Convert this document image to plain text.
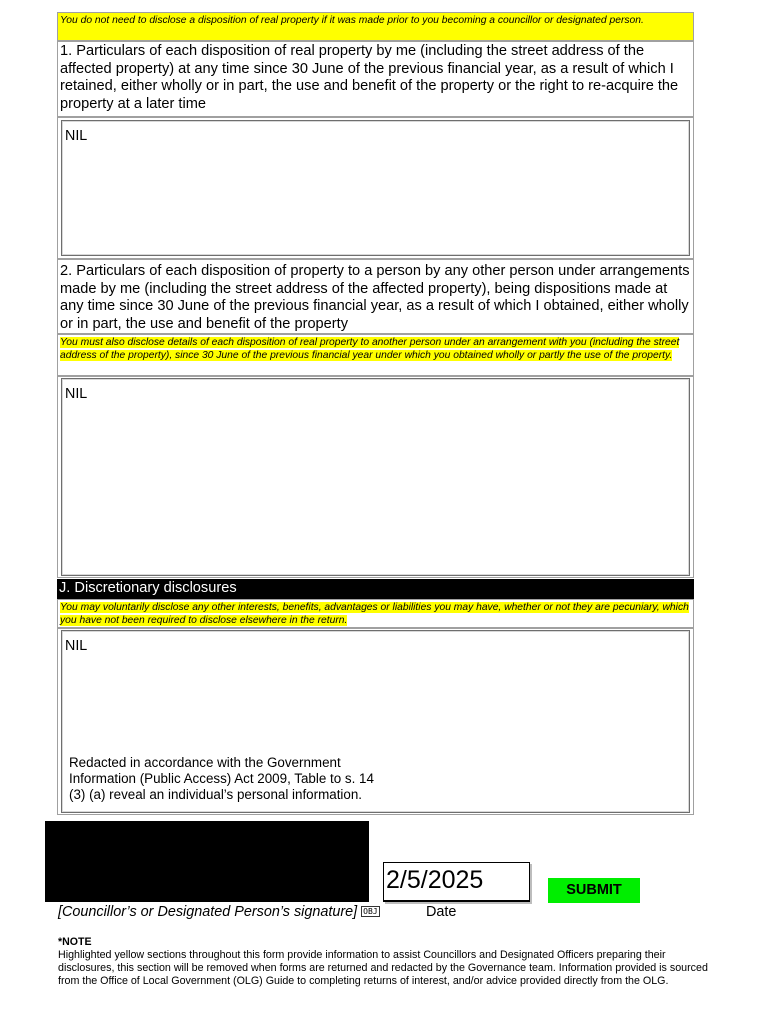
You do not need to disclose a disposition of real property if it was made prior to you becoming a councillor or designated person.
1. Particulars of each disposition of real property by me (including the street address of the affected property) at any time since 30 June of the previous financial year, as a result of which I retained, either wholly or in part, the use and benefit of the property or the right to re-acquire the property at a later time
NIL
2. Particulars of each disposition of property to a person by any other person under arrangements made by me (including the street address of the affected property), being dispositions made at any time since 30 June of the previous financial year, as a result of which I obtained, either wholly or in part, the use and benefit of the property
You must also disclose details of each disposition of real property to another person under an arrangement with you (including the street address of the property), since 30 June of the previous financial year under which you obtained wholly or partly the use of the property.
NIL
J. Discretionary disclosures
You may voluntarily disclose any other interests, benefits, advantages or liabilities you may have, whether or not they are pecuniary, which you have not been required to disclose elsewhere in the return.
NIL
Redacted in accordance with the Government
Information (Public Access) Act 2009, Table to s. 14
(3) (a) reveal an individual’s personal information.
2/5/2025	SUBMIT
[Councillor’s or Designated Person’s signature] OBJ	Date
*NOTE
Highlighted yellow sections throughout this form provide information to assist Councillors and Designated Officers preparing their disclosures, this section will be removed when forms are returned and redacted by the Governance team. Information provided is sourced from the Office of Local Government (OLG) Guide to completing returns of interest, and/or advice provided directly from the OLG.
